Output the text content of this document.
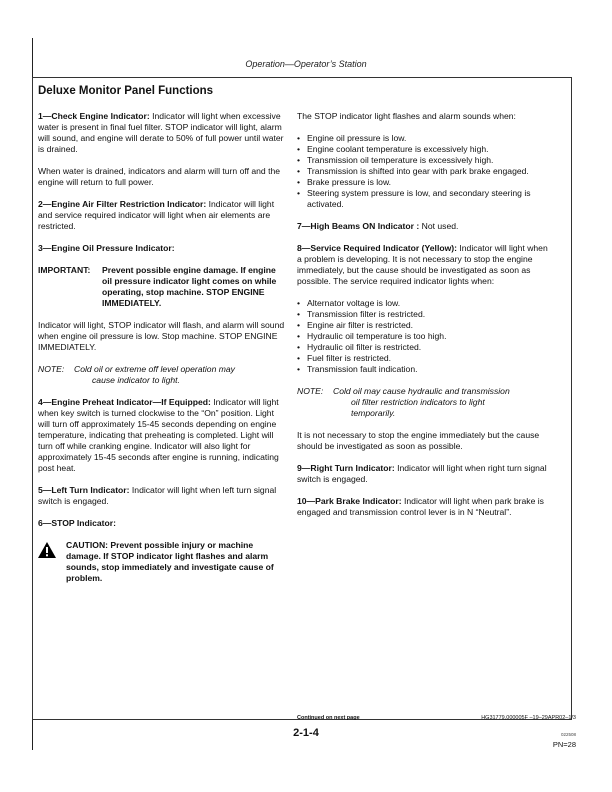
Operation—Operator’s Station
Deluxe Monitor Panel Functions

1—Check Engine Indicator: Indicator will light when excessive water is present in final fuel filter. STOP indicator will light, alarm will sound, and engine will derate to 50% of full power until water is drained.

When water is drained, indicators and alarm will turn off and the engine will return to full power.

2—Engine Air Filter Restriction Indicator: Indicator will light and service required indicator will light when air elements are restricted.

3—Engine Oil Pressure Indicator:

IMPORTANT:	Prevent possible engine damage. If engine oil pressure indicator light comes on while operating, stop machine. STOP ENGINE IMMEDIATELY.

Indicator will light, STOP indicator will flash, and alarm will sound when engine oil pressure is low. Stop machine. STOP ENGINE IMMEDIATELY.

NOTE:	Cold oil or extreme off level operation may
cause indicator to light.

4—Engine Preheat Indicator—If Equipped: Indicator will light when key switch is turned clockwise to the “On” position. Light will turn off approximately 15-45 seconds depending on engine temperature, indicating that preheating is completed. Light will turn off while cranking engine. Indicator will also light for approximately 15-45 seconds after engine is running, indicating post heat.

5—Left Turn Indicator: Indicator will light when left turn signal switch is engaged.

6—STOP Indicator:

CAUTION: Prevent possible injury or machine damage. If STOP indicator light flashes and alarm sounds, stop immediately and investigate cause of problem.

The STOP indicator light flashes and alarm sounds when:

• Engine oil pressure is low.
• Engine coolant temperature is excessively high.
• Transmission oil temperature is excessively high.
• Transmission is shifted into gear with park brake engaged.
• Brake pressure is low.
• Steering system pressure is low, and secondary steering is activated.

7—High Beams ON Indicator : Not used.

8—Service Required Indicator (Yellow): Indicator will light when a problem is developing. It is not necessary to stop the engine immediately, but the cause should be investigated as soon as possible. The service required indicator lights when:

• Alternator voltage is low.
• Transmission filter is restricted.
• Engine air filter is restricted.
• Hydraulic oil temperature is too high.
• Hydraulic oil filter is restricted.
• Fuel filter is restricted.
• Transmission fault indication.
NOTE:	Cold oil may cause hydraulic and transmission
oil filter restriction indicators to light
temporarily.

It is not necessary to stop the engine immediately but the cause should be investigated as soon as possible.

9—Right Turn Indicator: Indicator will light when right turn signal switch is engaged.

10—Park Brake Indicator: Indicator will light when park brake is engaged and transmission control lever is in N “Neutral”.

Continued on next page	HG31779,000005F –19–29APR02–1/3
2-1-4	022508
PN=28
